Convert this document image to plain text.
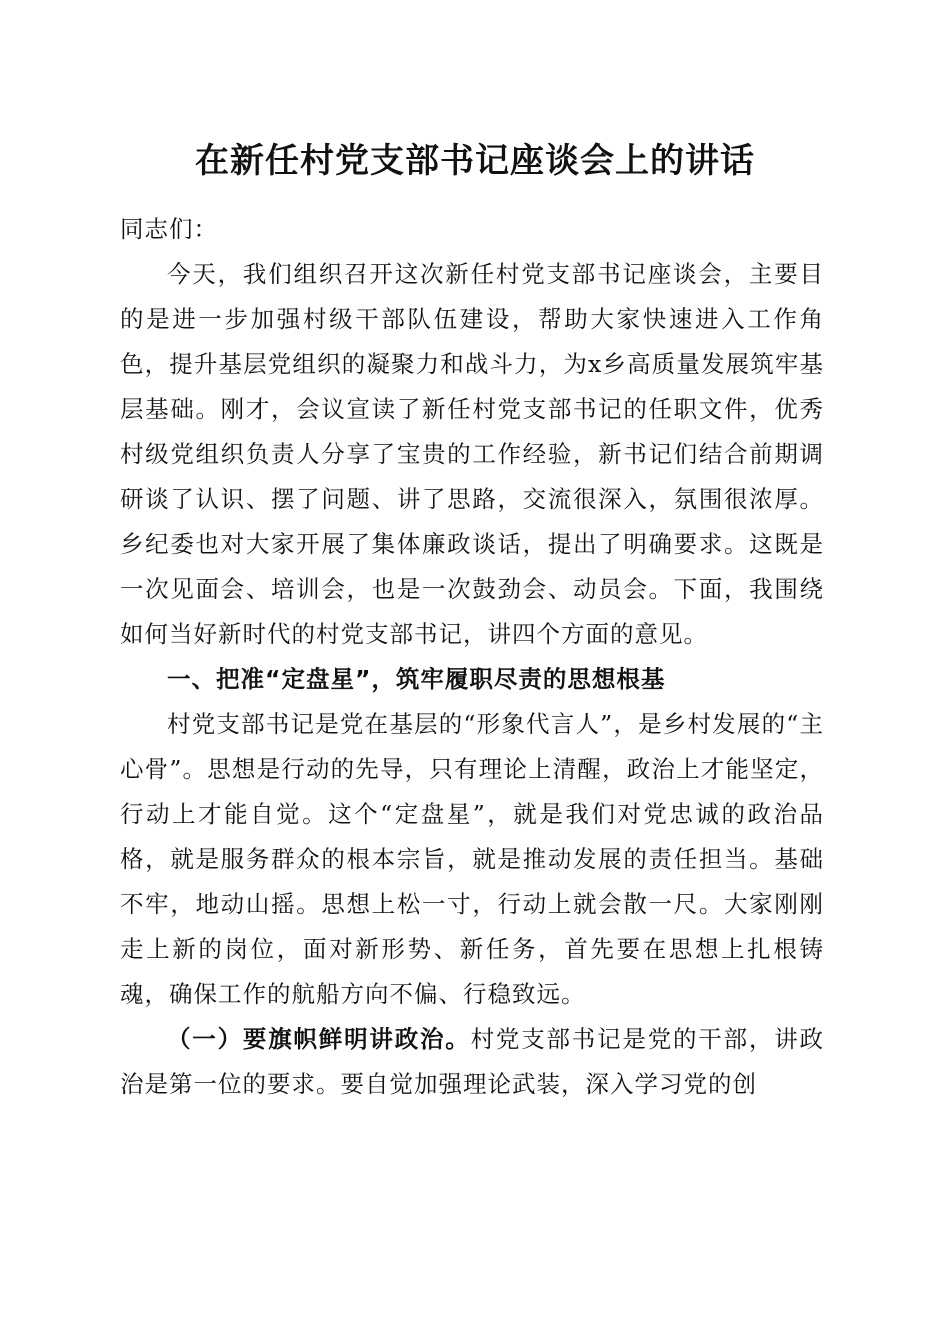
在新任村党支部书记座谈会上的讲话

同志们：

今天，我们组织召开这次新任村党支部书记座谈会，主要目的是进一步加强村级干部队伍建设，帮助大家快速进入工作角色，提升基层党组织的凝聚力和战斗力，为x乡高质量发展筑牢基层基础。刚才，会议宣读了新任村党支部书记的任职文件，优秀村级党组织负责人分享了宝贵的工作经验，新书记们结合前期调研谈了认识、摆了问题、讲了思路，交流很深入，氛围很浓厚。乡纪委也对大家开展了集体廉政谈话，提出了明确要求。这既是一次见面会、培训会，也是一次鼓劲会、动员会。下面，我围绕如何当好新时代的村党支部书记，讲四个方面的意见。

一、把准“定盘星”，筑牢履职尽责的思想根基

村党支部书记是党在基层的“形象代言人”，是乡村发展的“主心骨”。思想是行动的先导，只有理论上清醒，政治上才能坚定，行动上才能自觉。这个“定盘星”，就是我们对党忠诚的政治品格，就是服务群众的根本宗旨，就是推动发展的责任担当。基础不牢，地动山摇。思想上松一寸，行动上就会散一尺。大家刚刚走上新的岗位，面对新形势、新任务，首先要在思想上扎根铸魂，确保工作的航船方向不偏、行稳致远。

（一）要旗帜鲜明讲政治。村党支部书记是党的干部，讲政治是第一位的要求。要自觉加强理论武装，深入学习党的创
